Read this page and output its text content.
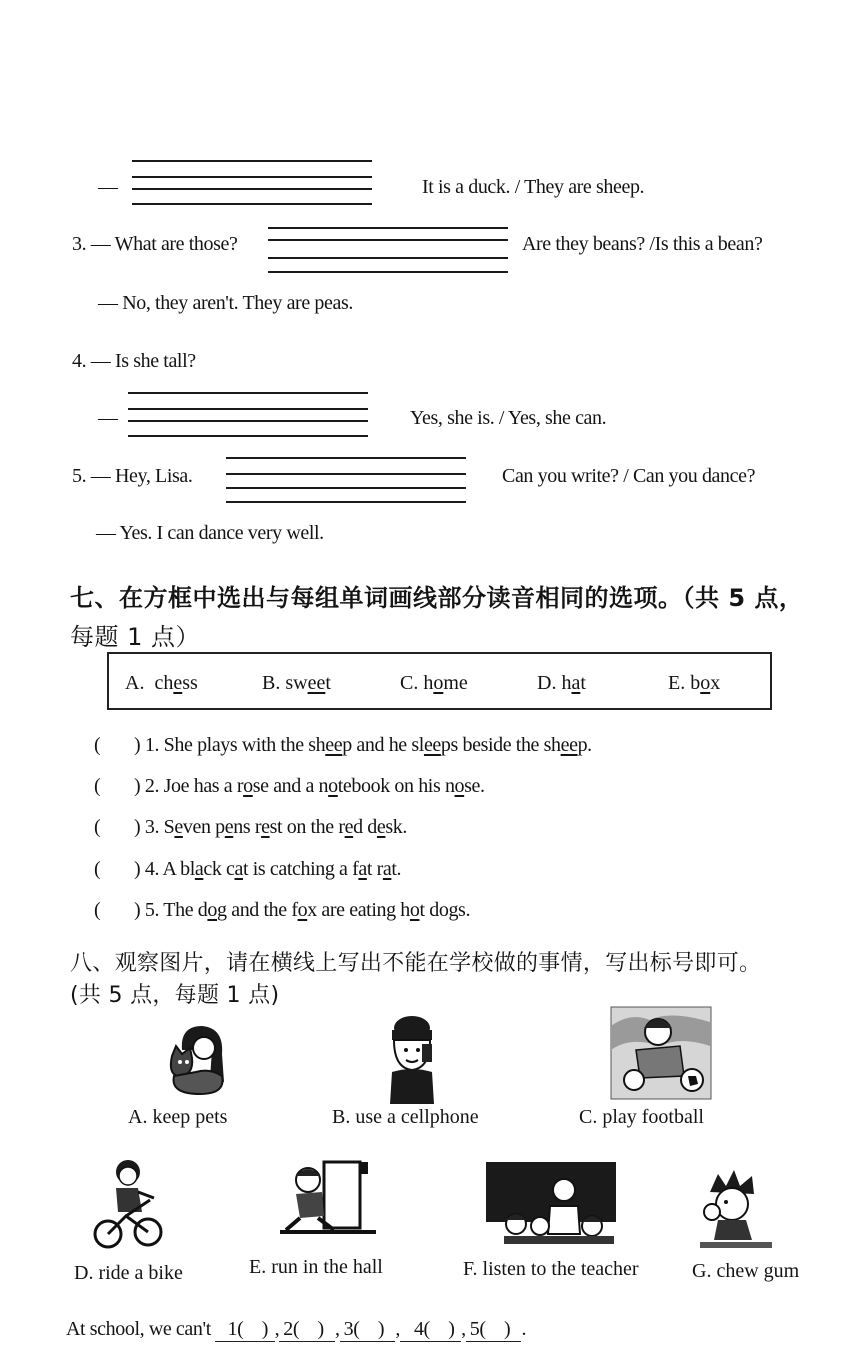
—	It is a duck. / They are sheep.
3. — What are those?	Are they beans? /Is this a bean?
— No, they aren't. They are peas.
4. — Is she tall?
—	Yes, she is. / Yes, she can.
5. — Hey, Lisa.	Can you write? / Can you dance?
— Yes. I can dance very well.
七、在方框中选出与每组单词画线部分读音相同的选项。（共 5 点，
每题 1 点）
A. chess	B. sweet	C. home	D. hat	E. box
( ) 1. She plays with the sheep and he sleeps beside the sheep.
( ) 2. Joe has a rose and a notebook on his nose.
( ) 3. Seven pens rest on the red desk.
( ) 4. A black cat is catching a fat rat.
( ) 5. The dog and the fox are eating hot dogs.
八、观察图片，请在横线上写出不能在学校做的事情，写出标号即可。
(共 5 点，每题 1 点)
A. keep pets	B. use a cellphone	C. play football
D. ride a bike	E. run in the hall	F. listen to the teacher	G. chew gum
At school, we can't 1( ) , 2( ) , 3( ) , 4( ) , 5( ) .
